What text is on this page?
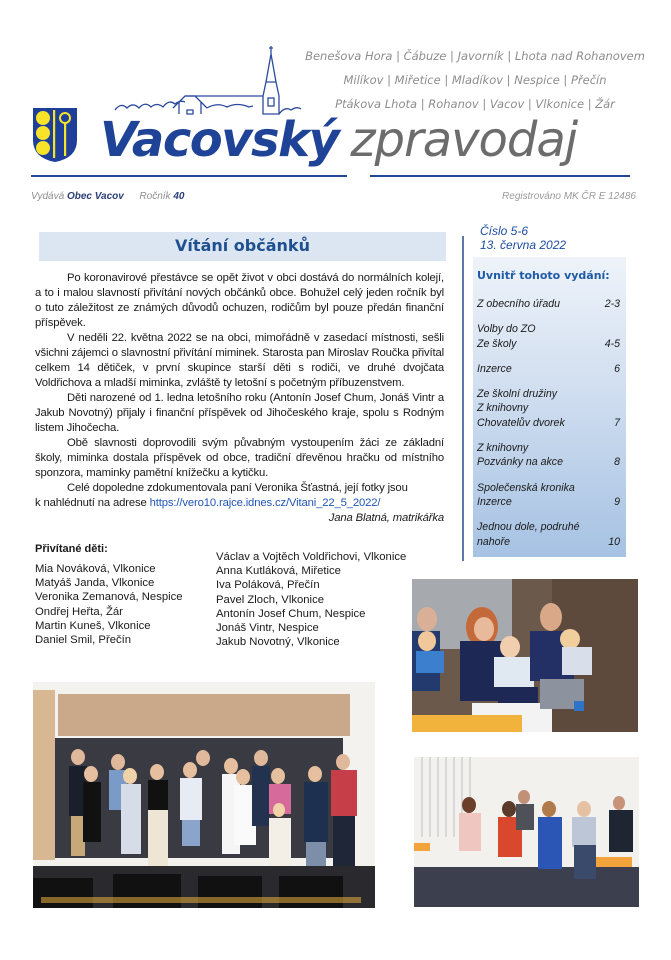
Benešova Hora | Čábuze | Javorník | Lhota nad Rohanovem
Milíkov | Miřetice | Mladíkov | Nespice | Přečín
Ptákova Lhota | Rohanov | Vacov | Vlkonice | Žár
Vacovský zpravodaj
Vydává Obec Vacov Ročník 40	Registrováno MK ČR E 12486
Vítání občánků

Po koronavirové přestávce se opět život v obci dostává do normálních kolejí, a to i malou slavností přivítání nových občánků obce. Bohužel celý jeden ročník byl o tuto záležitost ze známých důvodů ochuzen, rodičům byl pouze předán finanční příspěvek.

V neděli 22. května 2022 se na obci, mimořádně v zasedací místnosti, sešli všichni zájemci o slavnostní přivítání miminek. Starosta pan Miroslav Roučka přivítal celkem 14 dětiček, v první skupince starší děti s rodiči, ve druhé dvojčata Voldřichova a mladší miminka, zvláště ty letošní s početným příbuzenstvem.

Děti narozené od 1. ledna letošního roku (Antonín Josef Chum, Jonáš Vintr a Jakub Novotný) přijaly i finanční příspěvek od Jihočeského kraje, spolu s Rodným listem Jihočecha.

Obě slavnosti doprovodili svým půvabným vystoupením žáci ze základní školy, miminka dostala příspěvek od obce, tradiční dřevěnou hračku od místního sponzora, maminky pamětní knížečku a kytičku.

Celé dopoledne zdokumentovala paní Veronika Šťastná, její fotky jsou

k nahlédnutí na adrese https://vero10.rajce.idnes.cz/Vitani_22_5_2022/

Jana Blatná, matrikářka
Přivítané děti:
Mia Nováková, Vlkonice
Matyáš Janda, Vlkonice
Veronika Zemanová, Nespice
Ondřej Heřta, Žár
Martin Kuneš, Vlkonice
Daniel Smil, Přečín
Václav a Vojtěch Voldřichovi, Vlkonice
Anna Kutláková, Miřetice
Iva Poláková, Přečín
Pavel Zloch, Vlkonice
Antonín Josef Chum, Nespice
Jonáš Vintr, Nespice
Jakub Novotný, Vlkonice
Číslo 5-6
13. června 2022
Uvnitř tohoto vydání:
Z obecního úřadu	2-3
Volby do ZO
Ze školy	4-5
Inzerce	6
Ze školní družiny
Z knihovny
Chovatelův dvorek	7
Z knihovny
Pozvánky na akce	8
Společenská kronika
Inzerce	9
Jednou dole, podruhé
nahoře	10
